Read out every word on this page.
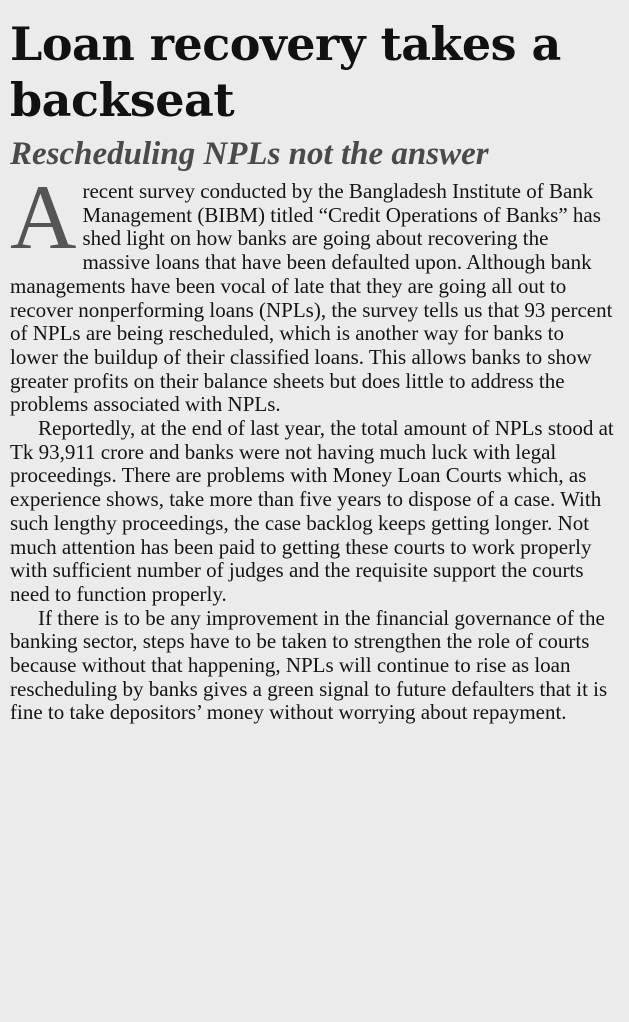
Loan recovery takes a backseat
Rescheduling NPLs not the answer

Arecent survey conducted by the Bangladesh Institute of Bank Management (BIBM) titled “Credit Operations of Banks” has shed light on how banks are going about recovering the massive loans that have been defaulted upon. Although bank managements have been vocal of late that they are going all out to recover nonperforming loans (NPLs), the survey tells us that 93 percent of NPLs are being rescheduled, which is another way for banks to lower the buildup of their classified loans. This allows banks to show greater profits on their balance sheets but does little to address the problems associated with NPLs.

Reportedly, at the end of last year, the total amount of NPLs stood at Tk 93,911 crore and banks were not having much luck with legal proceedings. There are problems with Money Loan Courts which, as experience shows, take more than five years to dispose of a case. With such lengthy proceedings, the case backlog keeps getting longer. Not much attention has been paid to getting these courts to work properly with sufficient number of judges and the requisite support the courts need to function properly.

If there is to be any improvement in the financial governance of the banking sector, steps have to be taken to strengthen the role of courts because without that happening, NPLs will continue to rise as loan rescheduling by banks gives a green signal to future defaulters that it is fine to take depositors’ money without worrying about repayment.
